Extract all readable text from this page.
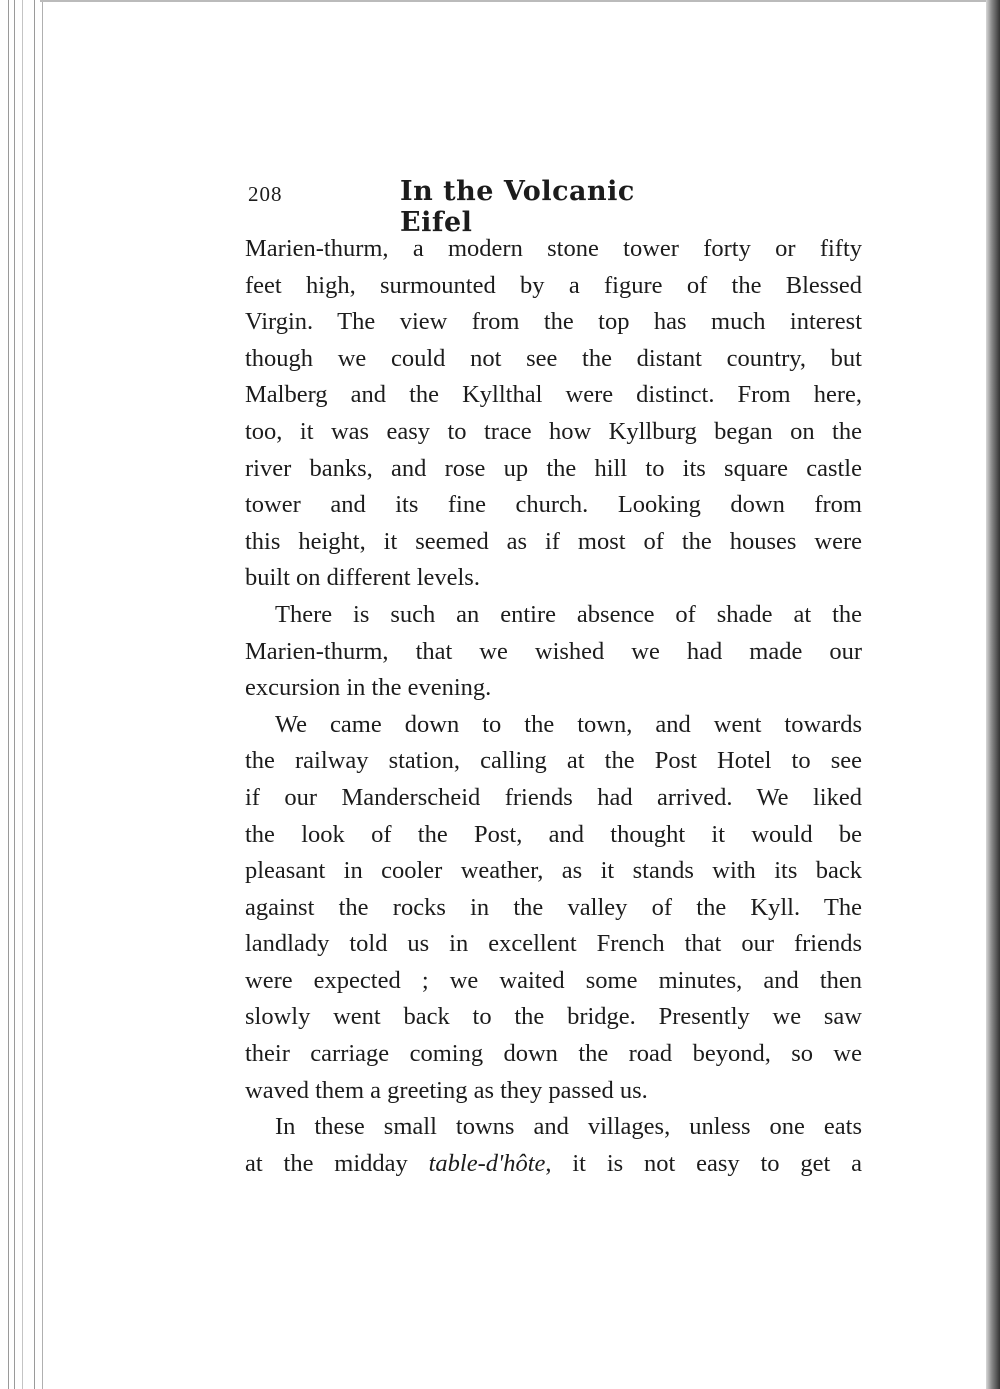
208	In the Volcanic Eifel
Marien-thurm, a modern stone tower forty or fifty
feet high, surmounted by a figure of the Blessed
Virgin. The view from the top has much interest
though we could not see the distant country, but
Malberg and the Kyllthal were distinct. From here,
too, it was easy to trace how Kyllburg began on the
river banks, and rose up the hill to its square castle
tower and its fine church. Looking down from
this height, it seemed as if most of the houses were
built on different levels.
There is such an entire absence of shade at the
Marien-thurm, that we wished we had made our
excursion in the evening.
We came down to the town, and went towards
the railway station, calling at the Post Hotel to see
if our Manderscheid friends had arrived. We liked
the look of the Post, and thought it would be
pleasant in cooler weather, as it stands with its back
against the rocks in the valley of the Kyll. The
landlady told us in excellent French that our friends
were expected ; we waited some minutes, and then
slowly went back to the bridge. Presently we saw
their carriage coming down the road beyond, so we
waved them a greeting as they passed us.
In these small towns and villages, unless one eats
at the midday table-d'hôte, it is not easy to get a
